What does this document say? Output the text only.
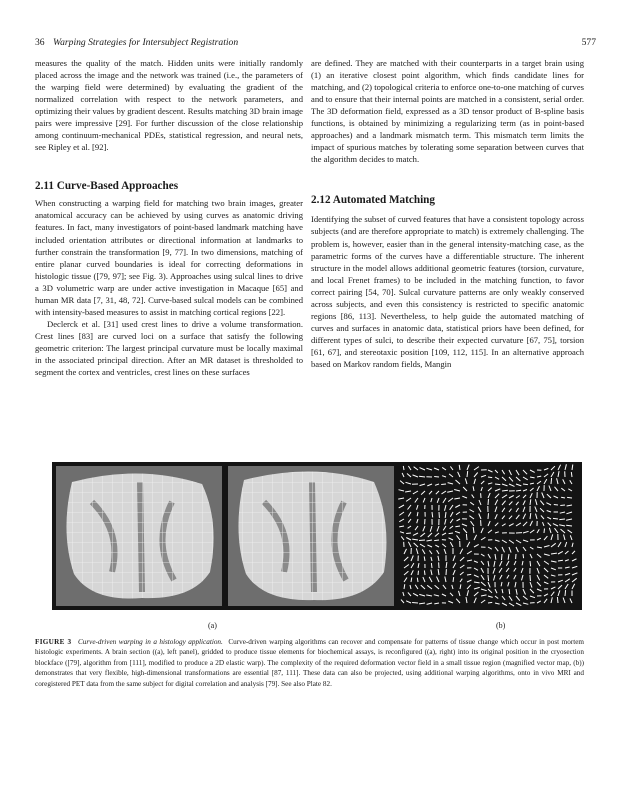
36 Warping Strategies for Intersubject Registration	577

measures the quality of the match. Hidden units were initially randomly placed across the image and the network was trained (i.e., the parameters of the warping field were determined) by evaluating the gradient of the normalized correlation with respect to the network parameters, and optimizing their values by gradient descent. Results matching 3D brain image pairs were impressive [29]. For further discussion of the close relationship among continuum-mechanical PDEs, statistical regression, and neural nets, see Ripley et al. [92].

2.11 Curve-Based Approaches

When constructing a warping field for matching two brain images, greater anatomical accuracy can be achieved by using curves as anatomic driving features. In fact, many investigators of point-based landmark matching have included orientation attributes or directional information at landmarks to further constrain the transformation [9, 77]. In two dimensions, matching of entire planar curved boundaries is ideal for correcting deformations in histologic tissue ([79, 97]; see Fig. 3). Approaches using sulcal lines to drive a 3D volumetric warp are under active investigation in Macaque [65] and human MR data [7, 31, 48, 72]. Curve-based sulcal models can be combined with intensity-based measures to assist in matching cortical regions [22].

Declerck et al. [31] used crest lines to drive a volume transformation. Crest lines [83] are curved loci on a surface that satisfy the following geometric criterion: The largest principal curvature must be locally maximal in the associated principal direction. After an MR dataset is thresholded to segment the cortex and ventricles, crest lines on these surfaces

are defined. They are matched with their counterparts in a target brain using (1) an iterative closest point algorithm, which finds candidate lines for matching, and (2) topological criteria to enforce one-to-one matching of curves and to ensure that their internal points are matched in a consistent, serial order. The 3D deformation field, expressed as a 3D tensor product of B-spline basis functions, is obtained by minimizing a regularizing term (as in point-based approaches) and a landmark mismatch term. This mismatch term limits the impact of spurious matches by tolerating some separation between curves that the algorithm decides to match.

2.12 Automated Matching

Identifying the subset of curved features that have a consistent topology across subjects (and are therefore appropriate to match) is extremely challenging. The problem is, however, easier than in the general intensity-matching case, as the parametric forms of the curves have a differentiable structure. The inherent structure in the model allows additional geometric features (torsion, curvature, and local Frenet frames) to be included in the matching function, to favor correct pairing [54, 70]. Sulcal curvature patterns are only weakly conserved across subjects, and even this consistency is restricted to specific anatomic regions [86, 113]. Nevertheless, to help guide the automated matching of curves and surfaces in anatomic data, statistical priors have been defined, for different types of sulci, to describe their expected curvature [67, 75], torsion [61, 67], and stereotaxic position [109, 112, 115]. In an alternative approach based on Markov random fields, Mangin

(a)	(b)
FIGURE 3 Curve-driven warping in a histology application. Curve-driven warping algorithms can recover and compensate for patterns of tissue change which occur in post mortem histologic experiments. A brain section ((a), left panel), gridded to produce tissue elements for biochemical assays, is reconfigured ((a), right) into its original position in the cryosection blockface ([79], algorithm from [111], modified to produce a 2D elastic warp). The complexity of the required deformation vector field in a small tissue region (magnified vector map, (b)) demonstrates that very flexible, high-dimensional transformations are essential [87, 111]. These data can also be projected, using additional warping algorithms, onto in vivo MRI and coregistered PET data from the same subject for digital correlation and analysis [79]. See also Plate 82.
